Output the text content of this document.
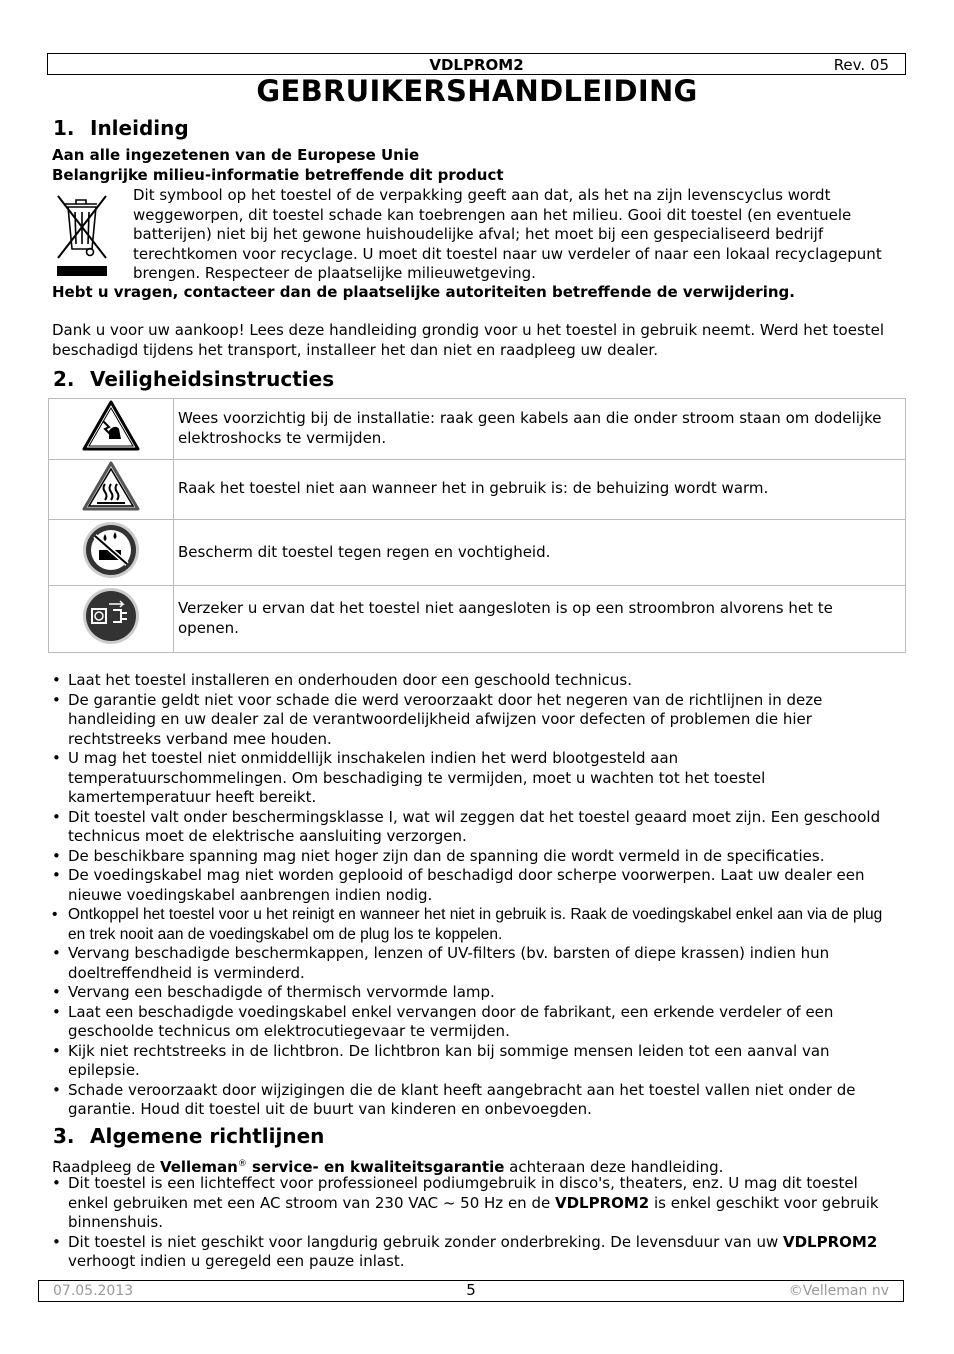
VDLPROM2	Rev. 05
GEBRUIKERSHANDLEIDING
1. Inleiding
Aan alle ingezetenen van de Europese Unie
Belangrijke milieu-informatie betreffende dit product
Dit symbool op het toestel of de verpakking geeft aan dat, als het na zijn levenscyclus wordt weggeworpen, dit toestel schade kan toebrengen aan het milieu. Gooi dit toestel (en eventuele batterijen) niet bij het gewone huishoudelijke afval; het moet bij een gespecialiseerd bedrijf terechtkomen voor recyclage. U moet dit toestel naar uw verdeler of naar een lokaal recyclagepunt brengen. Respecteer de plaatselijke milieuwetgeving.
Hebt u vragen, contacteer dan de plaatselijke autoriteiten betreffende de verwijdering.
Dank u voor uw aankoop! Lees deze handleiding grondig voor u het toestel in gebruik neemt. Werd het toestel beschadigd tijdens het transport, installeer het dan niet en raadpleeg uw dealer.
2. Veiligheidsinstructies
	Wees voorzichtig bij de installatie: raak geen kabels aan die onder stroom staan om dodelijke elektroshocks te vermijden.
	Raak het toestel niet aan wanneer het in gebruik is: de behuizing wordt warm.
	Bescherm dit toestel tegen regen en vochtigheid.
	Verzeker u ervan dat het toestel niet aangesloten is op een stroombron alvorens het te openen.
• Laat het toestel installeren en onderhouden door een geschoold technicus.
• De garantie geldt niet voor schade die werd veroorzaakt door het negeren van de richtlijnen in deze handleiding en uw dealer zal de verantwoordelijkheid afwijzen voor defecten of problemen die hier rechtstreeks verband mee houden.
• U mag het toestel niet onmiddellijk inschakelen indien het werd blootgesteld aan temperatuurschommelingen. Om beschadiging te vermijden, moet u wachten tot het toestel kamertemperatuur heeft bereikt.
• Dit toestel valt onder beschermingsklasse I, wat wil zeggen dat het toestel geaard moet zijn. Een geschoold technicus moet de elektrische aansluiting verzorgen.
• De beschikbare spanning mag niet hoger zijn dan de spanning die wordt vermeld in de specificaties.
• De voedingskabel mag niet worden geplooid of beschadigd door scherpe voorwerpen. Laat uw dealer een nieuwe voedingskabel aanbrengen indien nodig.
• Ontkoppel het toestel voor u het reinigt en wanneer het niet in gebruik is. Raak de voedingskabel enkel aan via de plug en trek nooit aan de voedingskabel om de plug los te koppelen.
• Vervang beschadigde beschermkappen, lenzen of UV-filters (bv. barsten of diepe krassen) indien hun doeltreffendheid is verminderd.
• Vervang een beschadigde of thermisch vervormde lamp.
• Laat een beschadigde voedingskabel enkel vervangen door de fabrikant, een erkende verdeler of een geschoolde technicus om elektrocutiegevaar te vermijden.
• Kijk niet rechtstreeks in de lichtbron. De lichtbron kan bij sommige mensen leiden tot een aanval van epilepsie.
• Schade veroorzaakt door wijzigingen die de klant heeft aangebracht aan het toestel vallen niet onder de garantie. Houd dit toestel uit de buurt van kinderen en onbevoegden.
3. Algemene richtlijnen
Raadpleeg de Velleman® service- en kwaliteitsgarantie achteraan deze handleiding.
• Dit toestel is een lichteffect voor professioneel podiumgebruik in disco's, theaters, enz. U mag dit toestel enkel gebruiken met een AC stroom van 230 VAC ~ 50 Hz en de VDLPROM2 is enkel geschikt voor gebruik binnenshuis.
• Dit toestel is niet geschikt voor langdurig gebruik zonder onderbreking. De levensduur van uw VDLPROM2 verhoogt indien u geregeld een pauze inlast.
07.05.2013	5	©Velleman nv
